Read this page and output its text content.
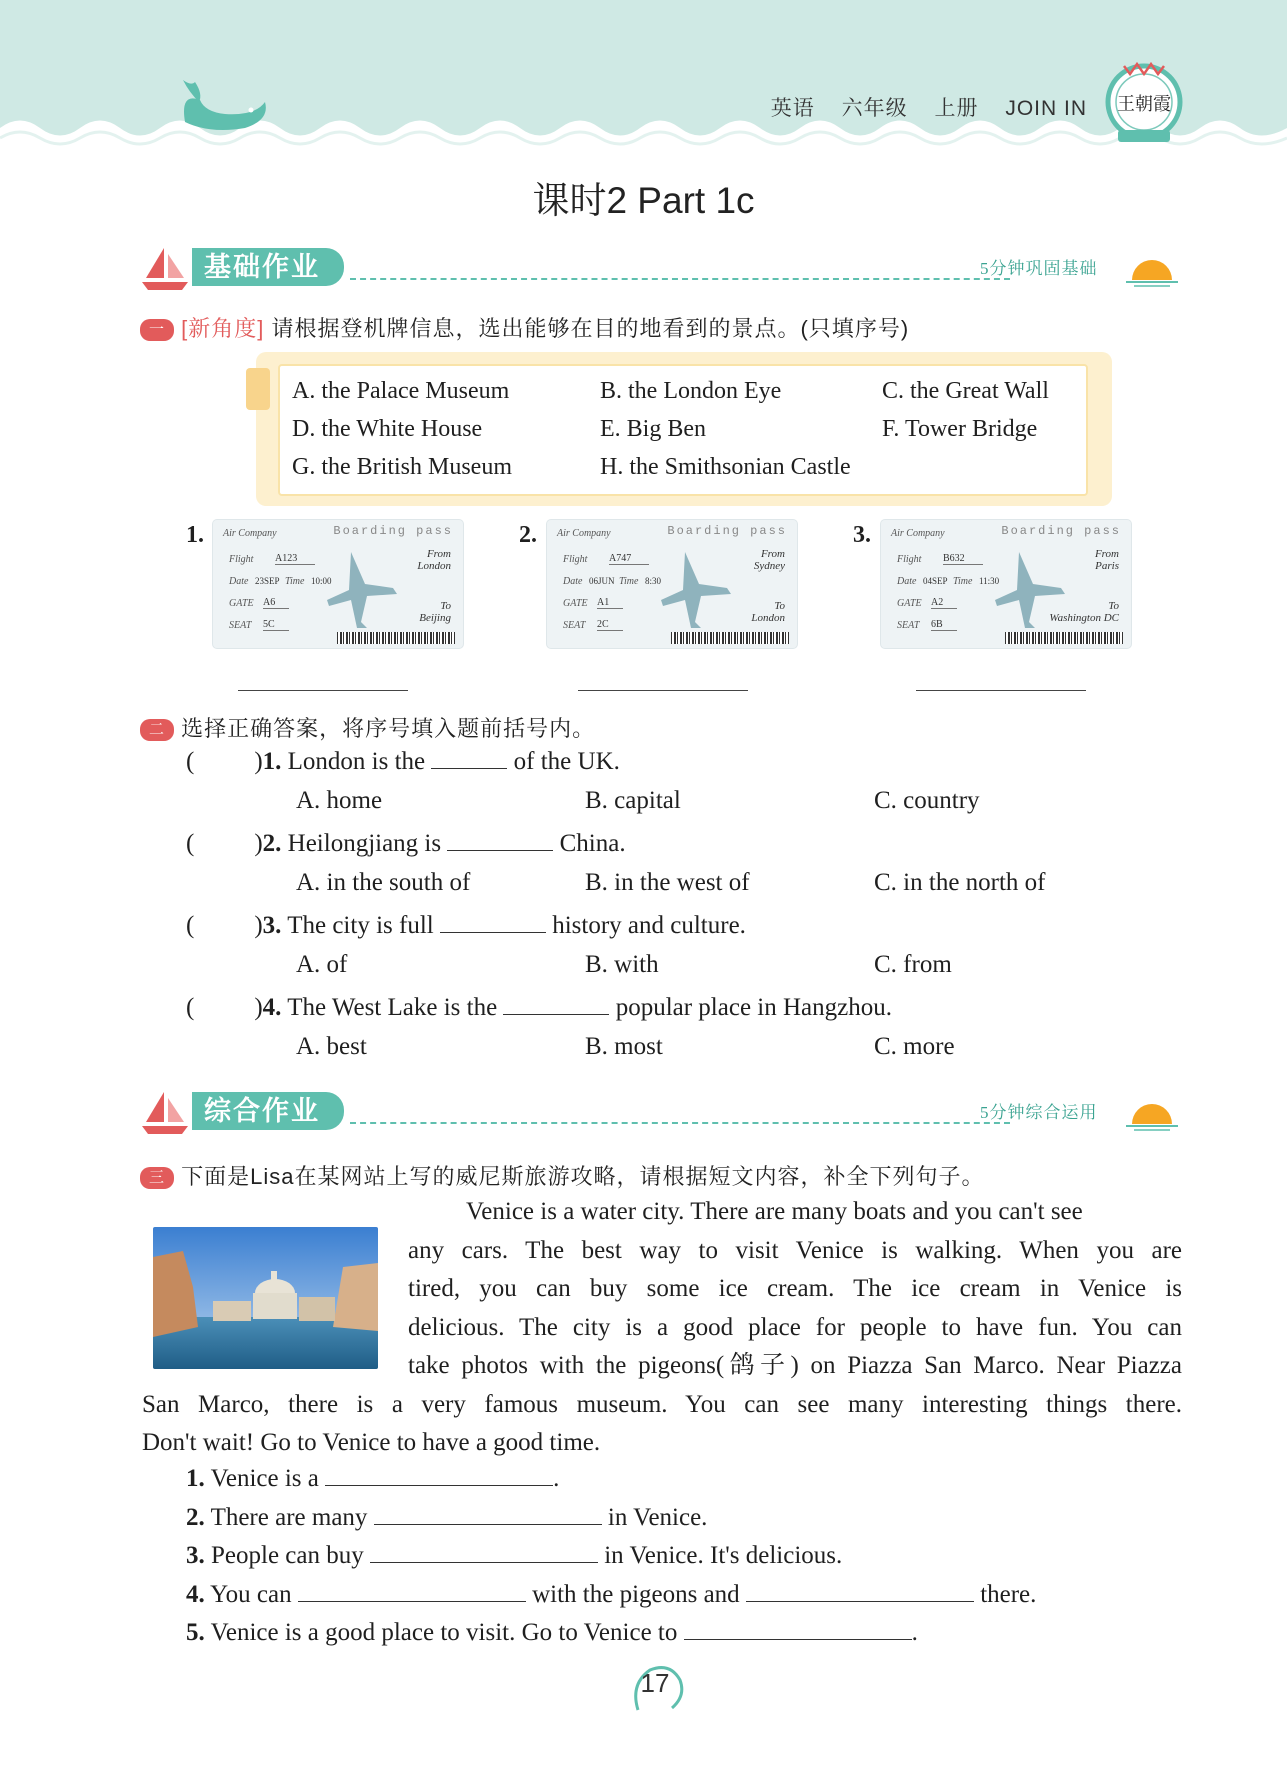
英语 六年级 上册 JOIN IN	王朝霞
课时2 Part 1c
基础作业	5分钟巩固基础
一 [新角度] 请根据登机牌信息，选出能够在目的地看到的景点。(只填序号)
A. the Palace Museum	B. the London Eye	C. the Great Wall
D. the White House	E. Big Ben	F. Tower Bridge
G. the British Museum	H. the Smithsonian Castle
1.	2.	3.
Air Company	Boarding pass
Flight A123
Date 23SEP Time 10:00
GATE A6
SEAT 5C
From
London
To
Beijing
Air Company	Boarding pass
Flight A747
Date 06JUN Time 8:30
GATE A1
SEAT 2C
From
Sydney
To
London
Air Company	Boarding pass
Flight B632
Date 04SEP Time 11:30
GATE A2
SEAT 6B
From
Paris
To
Washington DC
二 选择正确答案，将序号填入题前括号内。
( )1. London is the	of the UK.
A. home	B. capital	C. country
( )2. Heilongjiang is	China.
A. in the south of	B. in the west of	C. in the north of
( )3. The city is full	history and culture.
A. of	B. with	C. from
( )4. The West Lake is the	popular place in Hangzhou.
A. best	B. most	C. more
综合作业	5分钟综合运用
三 下面是Lisa在某网站上写的威尼斯旅游攻略，请根据短文内容，补全下列句子。
Venice is a water city. There are many boats and you can't see
any cars. The best way to visit Venice is walking. When you are
tired, you can buy some ice cream. The ice cream in Venice is
delicious. The city is a good place for people to have fun. You can
take photos with the pigeons(鸽子) on Piazza San Marco. Near Piazza
San Marco, there is a very famous museum. You can see many interesting things there.
Don't wait! Go to Venice to have a good time.
1. Venice is a	.
2. There are many	in Venice.
3. People can buy	in Venice. It's delicious.
4. You can	with the pigeons and	there.
5. Venice is a good place to visit. Go to Venice to	.
17
